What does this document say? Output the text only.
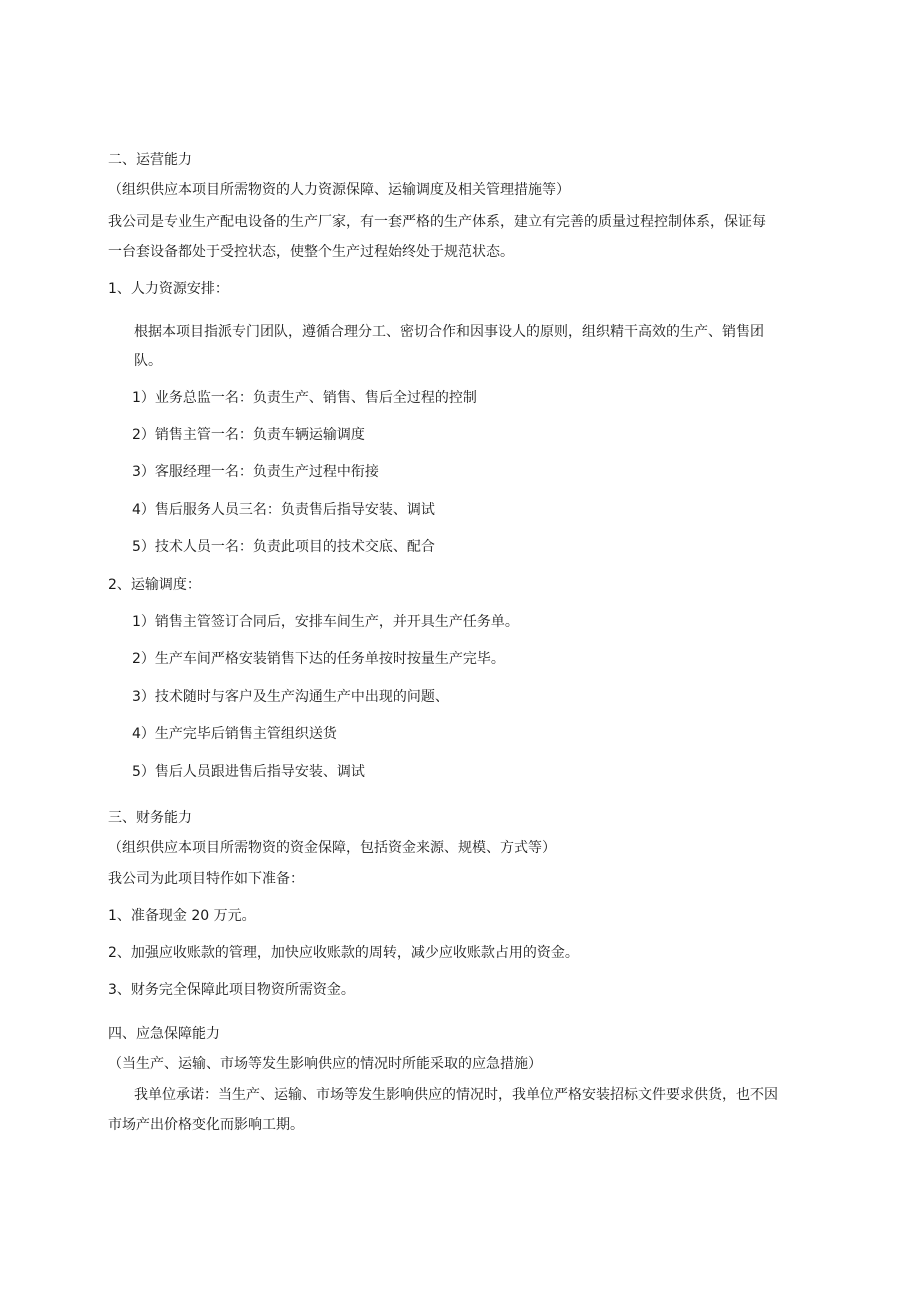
二、运营能力
（组织供应本项目所需物资的人力资源保障、运输调度及相关管理措施等）
我公司是专业生产配电设备的生产厂家，有一套严格的生产体系，建立有完善的质量过程控制体系，保证每
一台套设备都处于受控状态，使整个生产过程始终处于规范状态。
1、人力资源安排：
根据本项目指派专门团队，遵循合理分工、密切合作和因事设人的原则，组织精干高效的生产、销售团
队。
1）业务总监一名：负责生产、销售、售后全过程的控制
2）销售主管一名：负责车辆运输调度
3）客服经理一名：负责生产过程中衔接
4）售后服务人员三名：负责售后指导安装、调试
5）技术人员一名：负责此项目的技术交底、配合
2、运输调度：
1）销售主管签订合同后，安排车间生产，并开具生产任务单。
2）生产车间严格安装销售下达的任务单按时按量生产完毕。
3）技术随时与客户及生产沟通生产中出现的问题、
4）生产完毕后销售主管组织送货
5）售后人员跟进售后指导安装、调试
三、财务能力
（组织供应本项目所需物资的资金保障，包括资金来源、规模、方式等）
我公司为此项目特作如下准备：
1、准备现金 20 万元。
2、加强应收账款的管理，加快应收账款的周转，减少应收账款占用的资金。
3、财务完全保障此项目物资所需资金。
四、应急保障能力
（当生产、运输、市场等发生影响供应的情况时所能采取的应急措施）
我单位承诺：当生产、运输、市场等发生影响供应的情况时，我单位严格安装招标文件要求供货，也不因
市场产出价格变化而影响工期。
